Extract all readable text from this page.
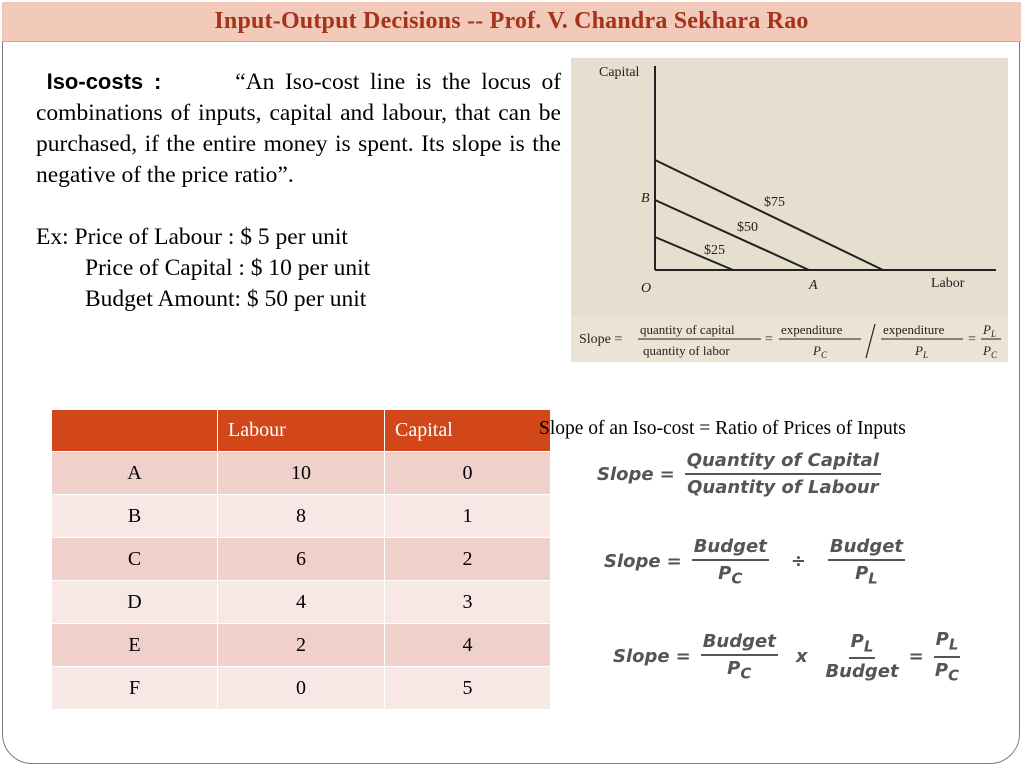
Input-Output Decisions -- Prof. V. Chandra Sekhara Rao

Iso-costs :	“An Iso-cost line is the locus of combinations of inputs, capital and labour, that can be purchased, if the entire money is spent. Its slope is the negative of the price ratio”.

Ex: Price of Labour : $ 5 per unit
Price of Capital : $ 10 per unit
Budget Amount: $ 50 per unit
Capital
Labor
O	A
B	$75
$50
$25
Slope =
quantity of capital
quantity of labor
=
expenditure
$P_C$
expenditure
$P_L$
=
$P_L$
$P_C$
	Labour	Capital
A	10	0
B	8	1
C	6	2
D	4	3
E	2	4
F	0	5
Slope of an Iso-cost = Ratio of Prices of Inputs
Slope = $\frac{\text{Quantity of Capital}}{\text{Quantity of Labour}}$
Slope = $\frac{\text{Budget}}{P_C} \div \frac{\text{Budget}}{P_L}$
Slope = $\frac{\text{Budget}}{P_C}$ x $\frac{P_L}{\text{Budget}} = \frac{P_L}{P_C}$
